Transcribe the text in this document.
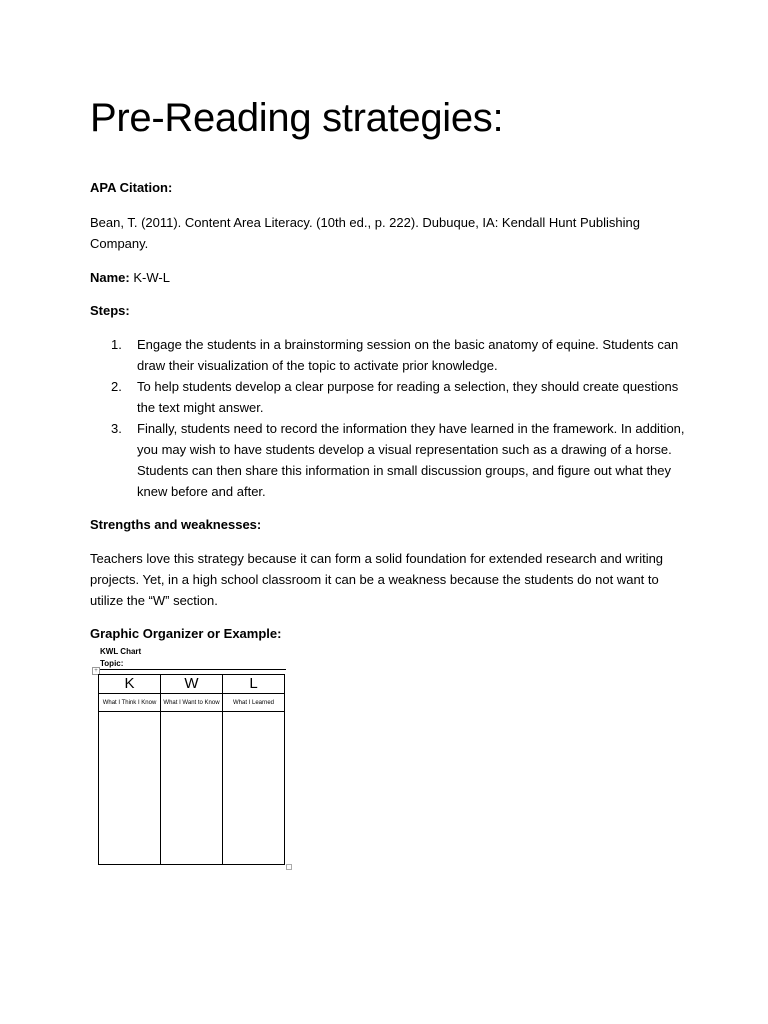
Pre-Reading strategies:

APA Citation:

Bean, T. (2011). Content Area Literacy. (10th ed., p. 222). Dubuque, IA: Kendall Hunt Publishing Company.

Name: K-W-L

Steps:

1. Engage the students in a brainstorming session on the basic anatomy of equine. Students can draw their visualization of the topic to activate prior knowledge.
2. To help students develop a clear purpose for reading a selection, they should create questions the text might answer.
3. Finally, students need to record the information they have learned in the framework. In addition, you may wish to have students develop a visual representation such as a drawing of a horse. Students can then share this information in small discussion groups, and figure out what they knew before and after.

Strengths and weaknesses:

Teachers love this strategy because it can form a solid foundation for extended research and writing projects. Yet, in a high school classroom it can be a weakness because the students do not want to utilize the “W” section.

Graphic Organizer or Example:

+
KWL Chart
Topic:
K
What I Think I Know
W
What I Want to Know
L
What I Learned
